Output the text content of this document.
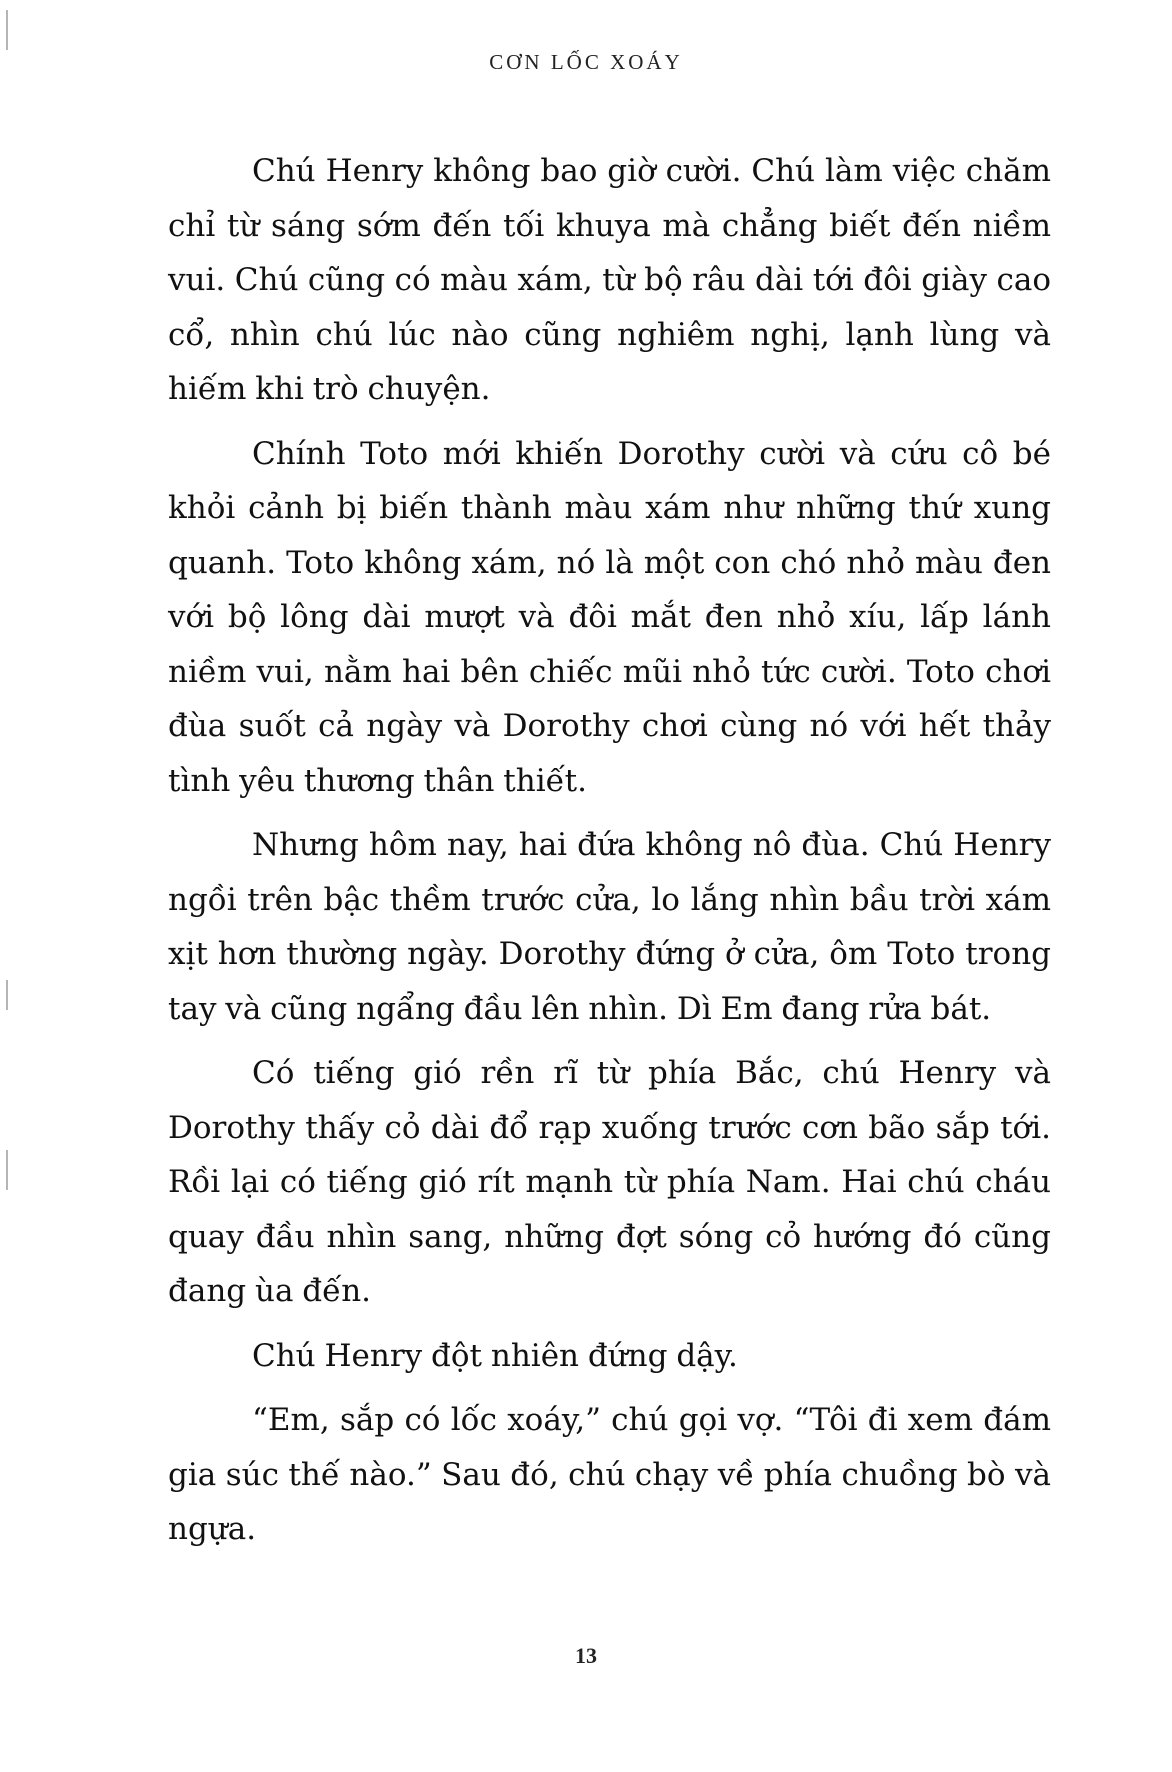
CƠN LỐC XOÁY

Chú Henry không bao giờ cười. Chú làm việc chăm chỉ từ sáng sớm đến tối khuya mà chẳng biết đến niềm vui. Chú cũng có màu xám, từ bộ râu dài tới đôi giày cao cổ, nhìn chú lúc nào cũng nghiêm nghị, lạnh lùng và hiếm khi trò chuyện.

Chính Toto mới khiến Dorothy cười và cứu cô bé khỏi cảnh bị biến thành màu xám như những thứ xung quanh. Toto không xám, nó là một con chó nhỏ màu đen với bộ lông dài mượt và đôi mắt đen nhỏ xíu, lấp lánh niềm vui, nằm hai bên chiếc mũi nhỏ tức cười. Toto chơi đùa suốt cả ngày và Dorothy chơi cùng nó với hết thảy tình yêu thương thân thiết.

Nhưng hôm nay, hai đứa không nô đùa. Chú Henry ngồi trên bậc thềm trước cửa, lo lắng nhìn bầu trời xám xịt hơn thường ngày. Dorothy đứng ở cửa, ôm Toto trong tay và cũng ngẩng đầu lên nhìn. Dì Em đang rửa bát.

Có tiếng gió rền rĩ từ phía Bắc, chú Henry và Dorothy thấy cỏ dài đổ rạp xuống trước cơn bão sắp tới. Rồi lại có tiếng gió rít mạnh từ phía Nam. Hai chú cháu quay đầu nhìn sang, những đợt sóng cỏ hướng đó cũng đang ùa đến.

Chú Henry đột nhiên đứng dậy.

“Em, sắp có lốc xoáy,” chú gọi vợ. “Tôi đi xem đám gia súc thế nào.” Sau đó, chú chạy về phía chuồng bò và ngựa.

13
